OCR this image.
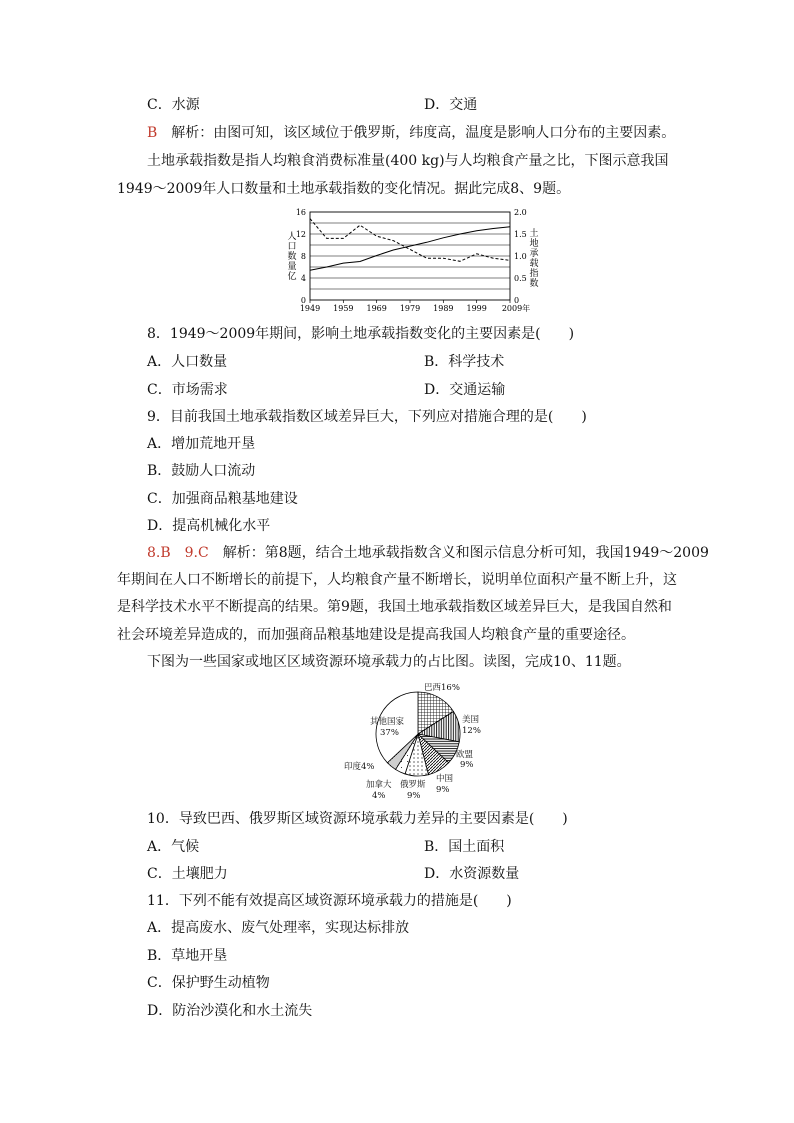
C．水源	D．交通
B　 解析：由图可知，该区域位于俄罗斯，纬度高，温度是影响人口分布的主要因素。
土地承载指数是指人均粮食消费标准量(400 kg)与人均粮食产量之比，下图示意我国
1949～2009年人口数量和土地承载指数的变化情况。据此完成8、9题。
人
口
数
量
亿
土
地
承
载
指
数
16
12
8
4
0
2.0
1.5
1.0
0.5
0
1949 1959 1969 1979 1989 1999 2009年
8．1949～2009年期间，影响土地承载指数变化的主要因素是(　　)
A．人口数量	B．科学技术
C．市场需求	D．交通运输
9．目前我国土地承载指数区域差异巨大，下列应对措施合理的是(　　)
A．增加荒地开垦
B．鼓励人口流动
C．加强商品粮基地建设
D．提高机械化水平
8.B　9.C　解析：第8题，结合土地承载指数含义和图示信息分析可知，我国1949～2009
年期间在人口不断增长的前提下，人均粮食产量不断增长，说明单位面积产量不断上升，这
是科学技术水平不断提高的结果。第9题，我国土地承载指数区域差异巨大，是我国自然和
社会环境差异造成的，而加强商品粮基地建设是提高我国人均粮食产量的重要途径。
下图为一些国家或地区区域资源环境承载力的占比图。读图，完成10、11题。
巴西16%
美国
12%
欧盟
9%
中国
9%
俄罗斯
9%
加拿大
4%
印度4%
其他国家
37%
10．导致巴西、俄罗斯区域资源环境承载力差异的主要因素是(　　)
A．气候	B．国土面积
C．土壤肥力	D．水资源数量
11．下列不能有效提高区域资源环境承载力的措施是(　　)
A．提高废水、废气处理率，实现达标排放
B．草地开垦
C．保护野生动植物
D．防治沙漠化和水土流失
